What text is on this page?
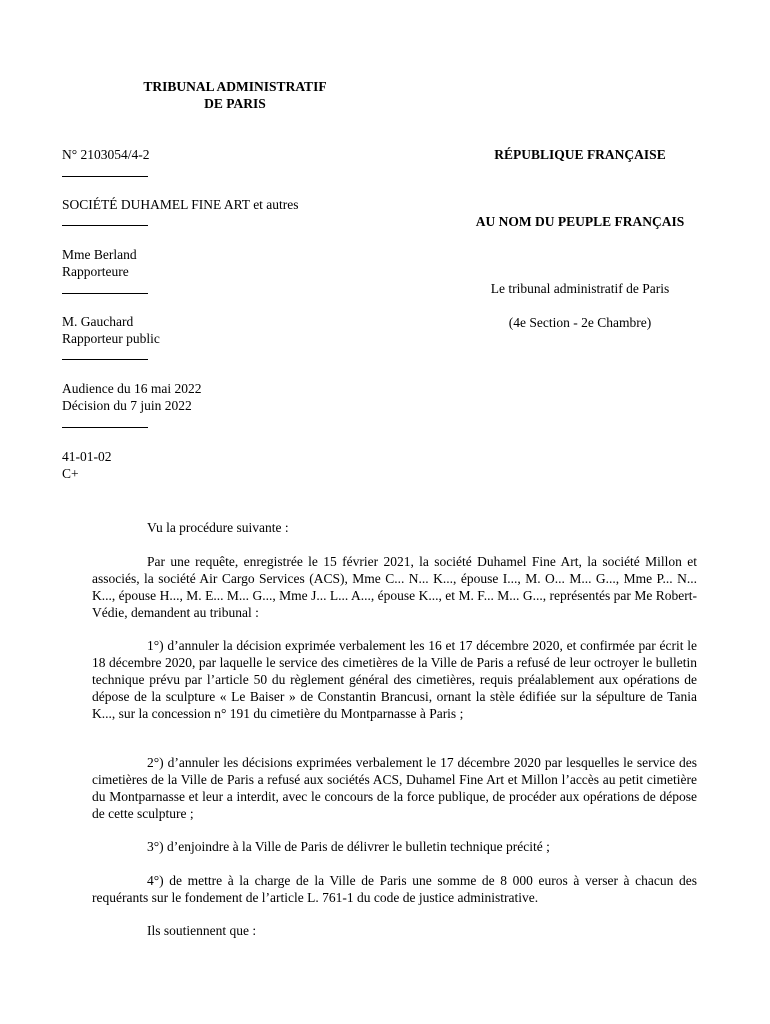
TRIBUNAL ADMINISTRATIF
DE PARIS
N° 2103054/4-2
SOCIÉTÉ DUHAMEL FINE ART et autres
Mme Berland
Rapporteure
M. Gauchard
Rapporteur public
Audience du 16 mai 2022
Décision du 7 juin 2022
41-01-02
C+
RÉPUBLIQUE FRANÇAISE
AU NOM DU PEUPLE FRANÇAIS
Le tribunal administratif de Paris
(4e Section - 2e Chambre)
Vu la procédure suivante :

Par une requête, enregistrée le 15 février 2021, la société Duhamel Fine Art, la société Millon et associés, la société Air Cargo Services (ACS), Mme C... N... K..., épouse I..., M. O... M... G..., Mme P... N... K..., épouse H..., M. E... M... G..., Mme J... L... A..., épouse K..., et M. F... M... G..., représentés par Me Robert-Védie, demandent au tribunal :

1°) d’annuler la décision exprimée verbalement les 16 et 17 décembre 2020, et confirmée par écrit le 18 décembre 2020, par laquelle le service des cimetières de la Ville de Paris a refusé de leur octroyer le bulletin technique prévu par l’article 50 du règlement général des cimetières, requis préalablement aux opérations de dépose de la sculpture « Le Baiser » de Constantin Brancusi, ornant la stèle édifiée sur la sépulture de Tania K..., sur la concession n° 191 du cimetière du Montparnasse à Paris ;

2°) d’annuler les décisions exprimées verbalement le 17 décembre 2020 par lesquelles le service des cimetières de la Ville de Paris a refusé aux sociétés ACS, Duhamel Fine Art et Millon l’accès au petit cimetière du Montparnasse et leur a interdit, avec le concours de la force publique, de procéder aux opérations de dépose de cette sculpture ;

3°) d’enjoindre à la Ville de Paris de délivrer le bulletin technique précité ;

4°) de mettre à la charge de la Ville de Paris une somme de 8 000 euros à verser à chacun des requérants sur le fondement de l’article L. 761-1 du code de justice administrative.

Ils soutiennent que :
